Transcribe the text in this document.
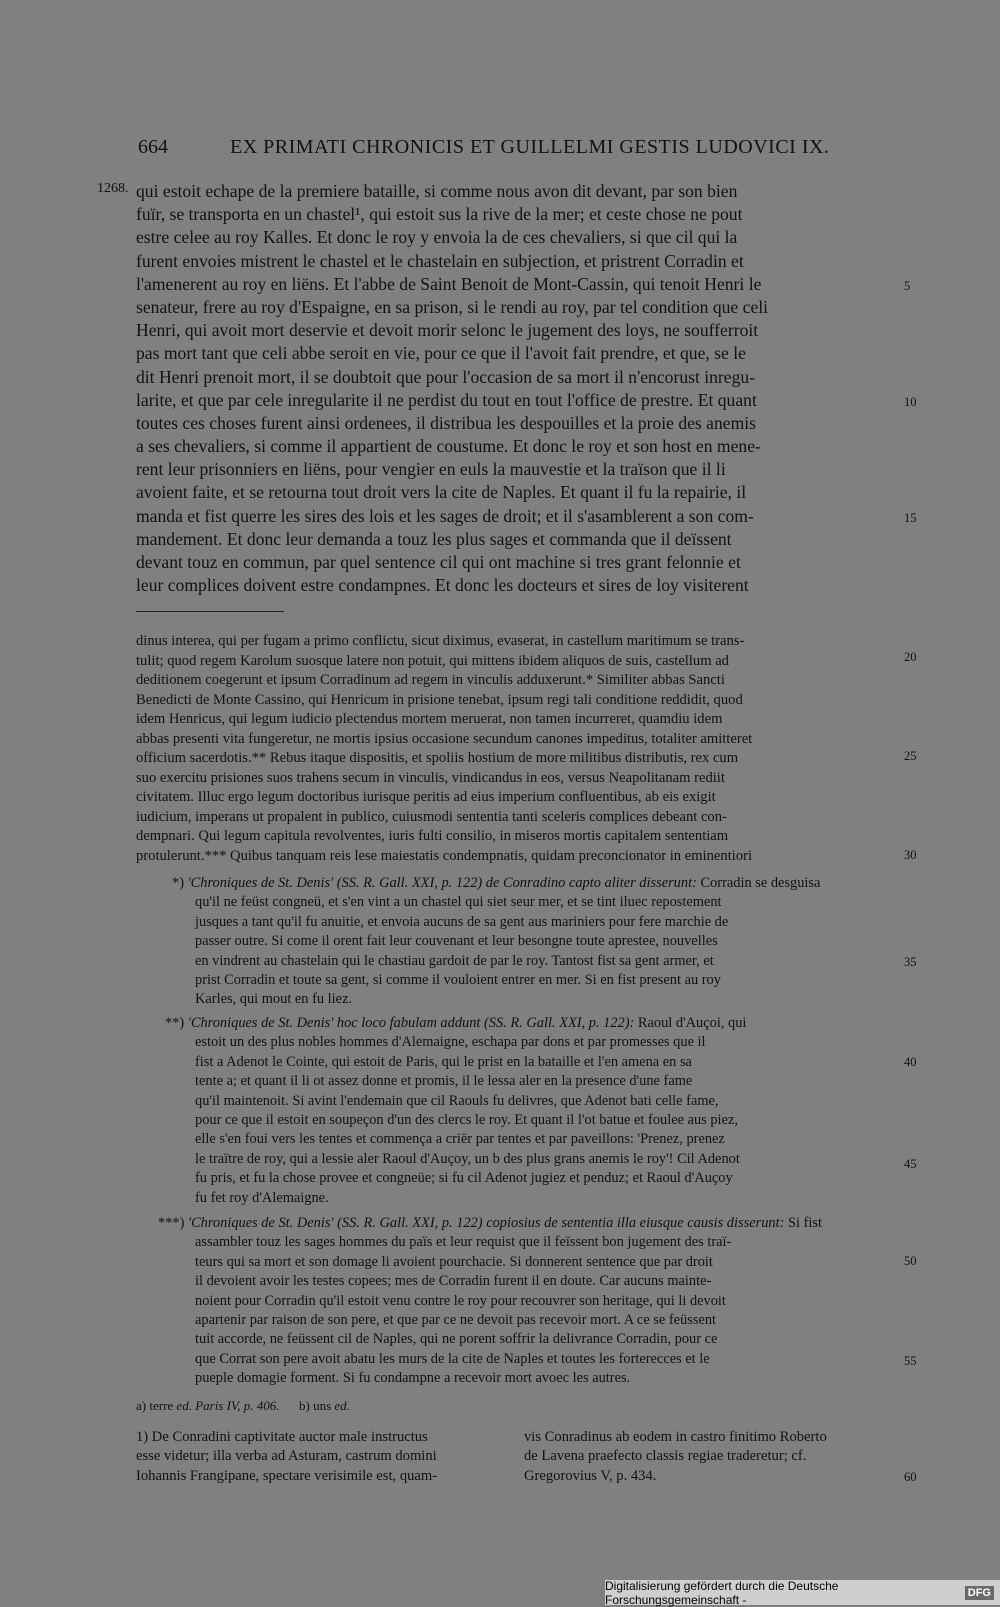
664	EX PRIMATI CHRONICIS ET GUILLELMI GESTIS LUDOVICI IX.
1268. qui estoit echape de la premiere bataille, si comme nous avon dit devant, par son bien
fuïr, se transporta en un chastel¹, qui estoit sus la rive de la mer; et ceste chose ne pout
estre celee au roy Kalles. Et donc le roy y envoia la de ces chevaliers, si que cil qui la
furent envoies mistrent le chastel et le chastelain en subjection, et pristrent Corradin et
l'amenerent au roy en liëns. Et l'abbe de Saint Benoit de Mont-Cassin, qui tenoit Henri le
senateur, frere au roy d'Espaigne, en sa prison, si le rendi au roy, par tel condition que celi
Henri, qui avoit mort deservie et devoit morir selonc le jugement des loys, ne soufferroit
pas mort tant que celi abbe seroit en vie, pour ce que il l'avoit fait prendre, et que, se le
dit Henri prenoit mort, il se doubtoit que pour l'occasion de sa mort il n'encorust inregu-
larite, et que par cele inregularite il ne perdist du tout en tout l'office de prestre. Et quant
toutes ces choses furent ainsi ordenees, il distribua les despouilles et la proie des anemis
a ses chevaliers, si comme il appartient de coustume. Et donc le roy et son host en mene-
rent leur prisonniers en liëns, pour vengier en euls la mauvestie et la traïson que il li
avoient faite, et se retourna tout droit vers la cite de Naples. Et quant il fu la repairie, il
manda et fist querre les sires des lois et les sages de droit; et il s'asamblerent a son com-
mandement. Et donc leur demanda a touz les plus sages et commanda que il deïssent
devant touz en commun, par quel sentence cil qui ont machine si tres grant felonnie et
leur complices doivent estre condampnes. Et donc les docteurs et sires de loy visiterent
dinus interea, qui per fugam a primo conflictu, sicut diximus, evaserat, in castellum maritimum se trans-
tulit; quod regem Karolum suosque latere non potuit, qui mittens ibidem aliquos de suis, castellum ad
deditionem coegerunt et ipsum Corradinum ad regem in vinculis adduxerunt.* Similiter abbas Sancti
Benedicti de Monte Cassino, qui Henricum in prisione tenebat, ipsum regi tali conditione reddidit, quod
idem Henricus, qui legum iudicio plectendus mortem meruerat, non tamen incurreret, quamdiu idem
abbas presenti vita fungeretur, ne mortis ipsius occasione secundum canones impeditus, totaliter amitteret
officium sacerdotis.** Rebus itaque dispositis, et spoliis hostium de more militibus distributis, rex cum
suo exercitu prisiones suos trahens secum in vinculis, vindicandus in eos, versus Neapolitanam rediit
civitatem. Illuc ergo legum doctoribus iurisque peritis ad eius imperium confluentibus, ab eis exigit
iudicium, imperans ut propalent in publico, cuiusmodi sententia tanti sceleris complices debeant con-
dempnari. Qui legum capitula revolventes, iuris fulti consilio, in miseros mortis capitalem sententiam
protulerunt.*** Quibus tanquam reis lese maiestatis condempnatis, quidam preconcionator in eminentiori
*) 'Chroniques de St. Denis' (SS. R. Gall. XXI, p. 122) de Conradino capto aliter disserunt: Corradin se desguisa
qu'il ne feüst congneü, et s'en vint a un chastel qui siet seur mer, et se tint iluec repostement
jusques a tant qu'il fu anuitie, et envoia aucuns de sa gent aus mariniers pour fere marchie de
passer outre. Si come il orent fait leur couvenant et leur besongne toute aprestee, nouvelles
en vindrent au chastelain qui le chastiau gardoit de par le roy. Tantost fist sa gent armer, et
prist Corradin et toute sa gent, si comme il vouloient entrer en mer. Si en fist present au roy
Karles, qui mout en fu liez.
**) 'Chroniques de St. Denis' hoc loco fabulam addunt (SS. R. Gall. XXI, p. 122): Raoul d'Auçoi, qui
estoit un des plus nobles hommes d'Alemaigne, eschapa par dons et par promesses que il
fist a Adenot le Cointe, qui estoit de Paris, qui le prist en la bataille et l'en amena en sa
tente a; et quant il li ot assez donne et promis, il le lessa aler en la presence d'une fame
qu'il maintenoit. Si avint l'endemain que cil Raouls fu delivres, que Adenot bati celle fame,
pour ce que il estoit en soupeçon d'un des clercs le roy. Et quant il l'ot batue et foulee aus piez,
elle s'en foui vers les tentes et commença a criër par tentes et par paveillons: 'Prenez, prenez
le traïtre de roy, qui a lessie aler Raoul d'Auçoy, un b des plus grans anemis le roy'! Cil Adenot
fu pris, et fu la chose provee et congneüe; si fu cil Adenot jugiez et penduz; et Raoul d'Auçoy
fu fet roy d'Alemaigne.
***) 'Chroniques de St. Denis' (SS. R. Gall. XXI, p. 122) copiosius de sententia illa eiusque causis disserunt: Si fist
assambler touz les sages hommes du païs et leur requist que il feïssent bon jugement des traï-
teurs qui sa mort et son domage li avoient pourchacie. Si donnerent sentence que par droit
il devoient avoir les testes copees; mes de Corradin furent il en doute. Car aucuns mainte-
noient pour Corradin qu'il estoit venu contre le roy pour recouvrer son heritage, qui li devoit
apartenir par raison de son pere, et que par ce ne devoit pas recevoir mort. A ce se feüssent
tuit accorde, ne feüssent cil de Naples, qui ne porent soffrir la delivrance Corradin, pour ce
que Corrat son pere avoit abatu les murs de la cite de Naples et toutes les forterecces et le
pueple domagie forment. Si fu condampne a recevoir mort avoec les autres.
a) terre ed. Paris IV, p. 406. b) uns ed.
1) De Conradini captivitate auctor male instructus
esse videtur; illa verba ad Asturam, castrum domini
Iohannis Frangipane, spectare verisimile est, quam-
vis Conradinus ab eodem in castro finitimo Roberto
de Lavena praefecto classis regiae traderetur; cf.
Gregorovius V, p. 434.
5
10
15
20
25
30
35
40
45
50
55
60
Digitalisierung gefördert durch die Deutsche Forschungsgemeinschaft -	DFG
